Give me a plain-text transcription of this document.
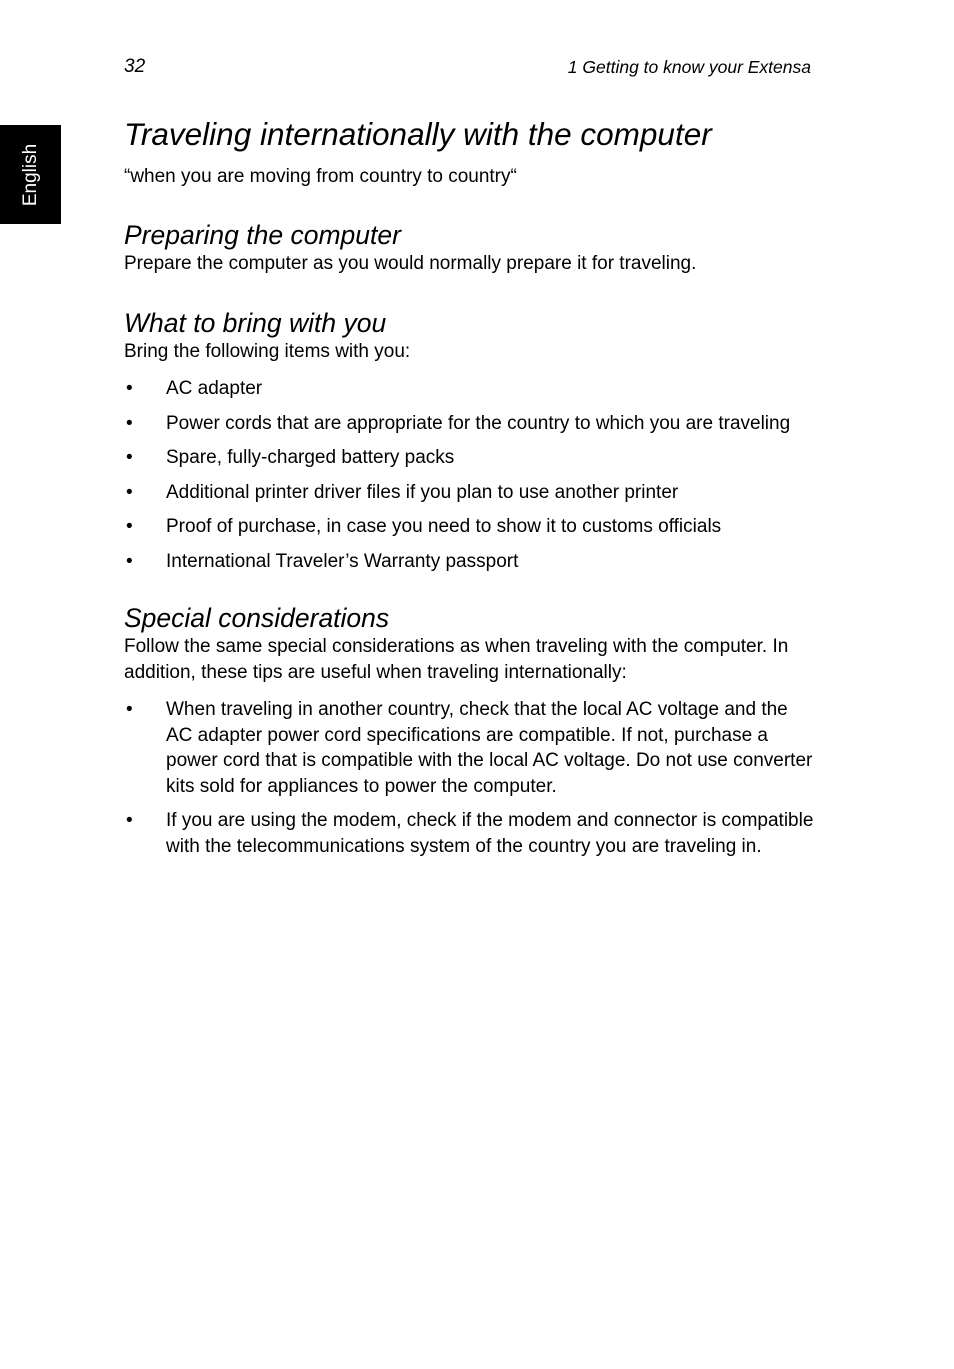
32	1 Getting to know your Extensa
English
Traveling internationally with the computer

“when you are moving from country to country“

Preparing the computer

Prepare the computer as you would normally prepare it for traveling.

What to bring with you

Bring the following items with you:

• AC adapter
• Power cords that are appropriate for the country to which you are traveling
• Spare, fully-charged battery packs
• Additional printer driver files if you plan to use another printer
• Proof of purchase, in case you need to show it to customs officials
• International Traveler’s Warranty passport
Special considerations

Follow the same special considerations as when traveling with the computer. In addition, these tips are useful when traveling internationally:

• When traveling in another country, check that the local AC voltage and the AC adapter power cord specifications are compatible. If not, purchase a power cord that is compatible with the local AC voltage. Do not use converter kits sold for appliances to power the computer.
• If you are using the modem, check if the modem and connector is compatible with the telecommunications system of the country you are traveling in.
